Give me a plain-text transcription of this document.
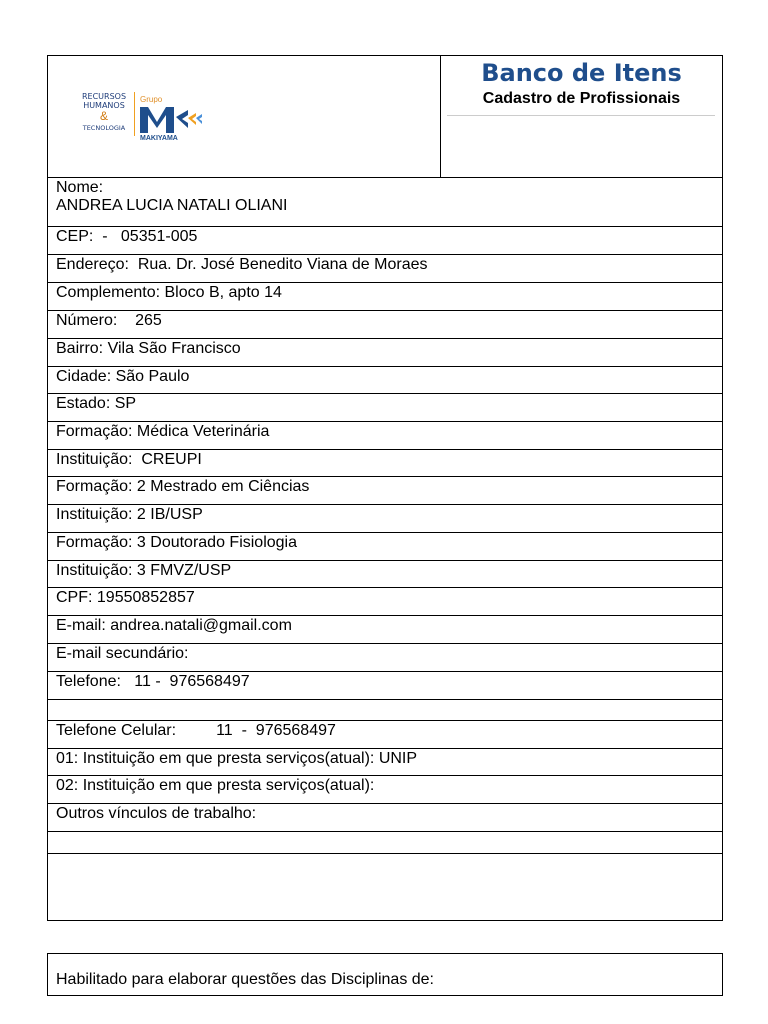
RECURSOS
HUMANOS
&
TECNOLOGIA
Grupo
MAKIYAMA
Banco de Itens
Cadastro de Profissionais
Nome:
ANDREA LUCIA NATALI OLIANI
CEP:  -   05351-005
Endereço:  Rua. Dr. José Benedito Viana de Moraes
Complemento: Bloco B, apto 14
Número:    265
Bairro: Vila São Francisco
Cidade: São Paulo
Estado: SP
Formação: Médica Veterinária
Instituição:  CREUPI
Formação: 2 Mestrado em Ciências
Instituição: 2 IB/USP
Formação: 3 Doutorado Fisiologia
Instituição: 3 FMVZ/USP
CPF: 19550852857
E-mail: andrea.natali@gmail.com
E-mail secundário:
Telefone:   11 -  976568497
Telefone Celular:         11  -  976568497
01: Instituição em que presta serviços(atual): UNIP
02: Instituição em que presta serviços(atual):
Outros vínculos de trabalho:
Habilitado para elaborar questões das Disciplinas de:
